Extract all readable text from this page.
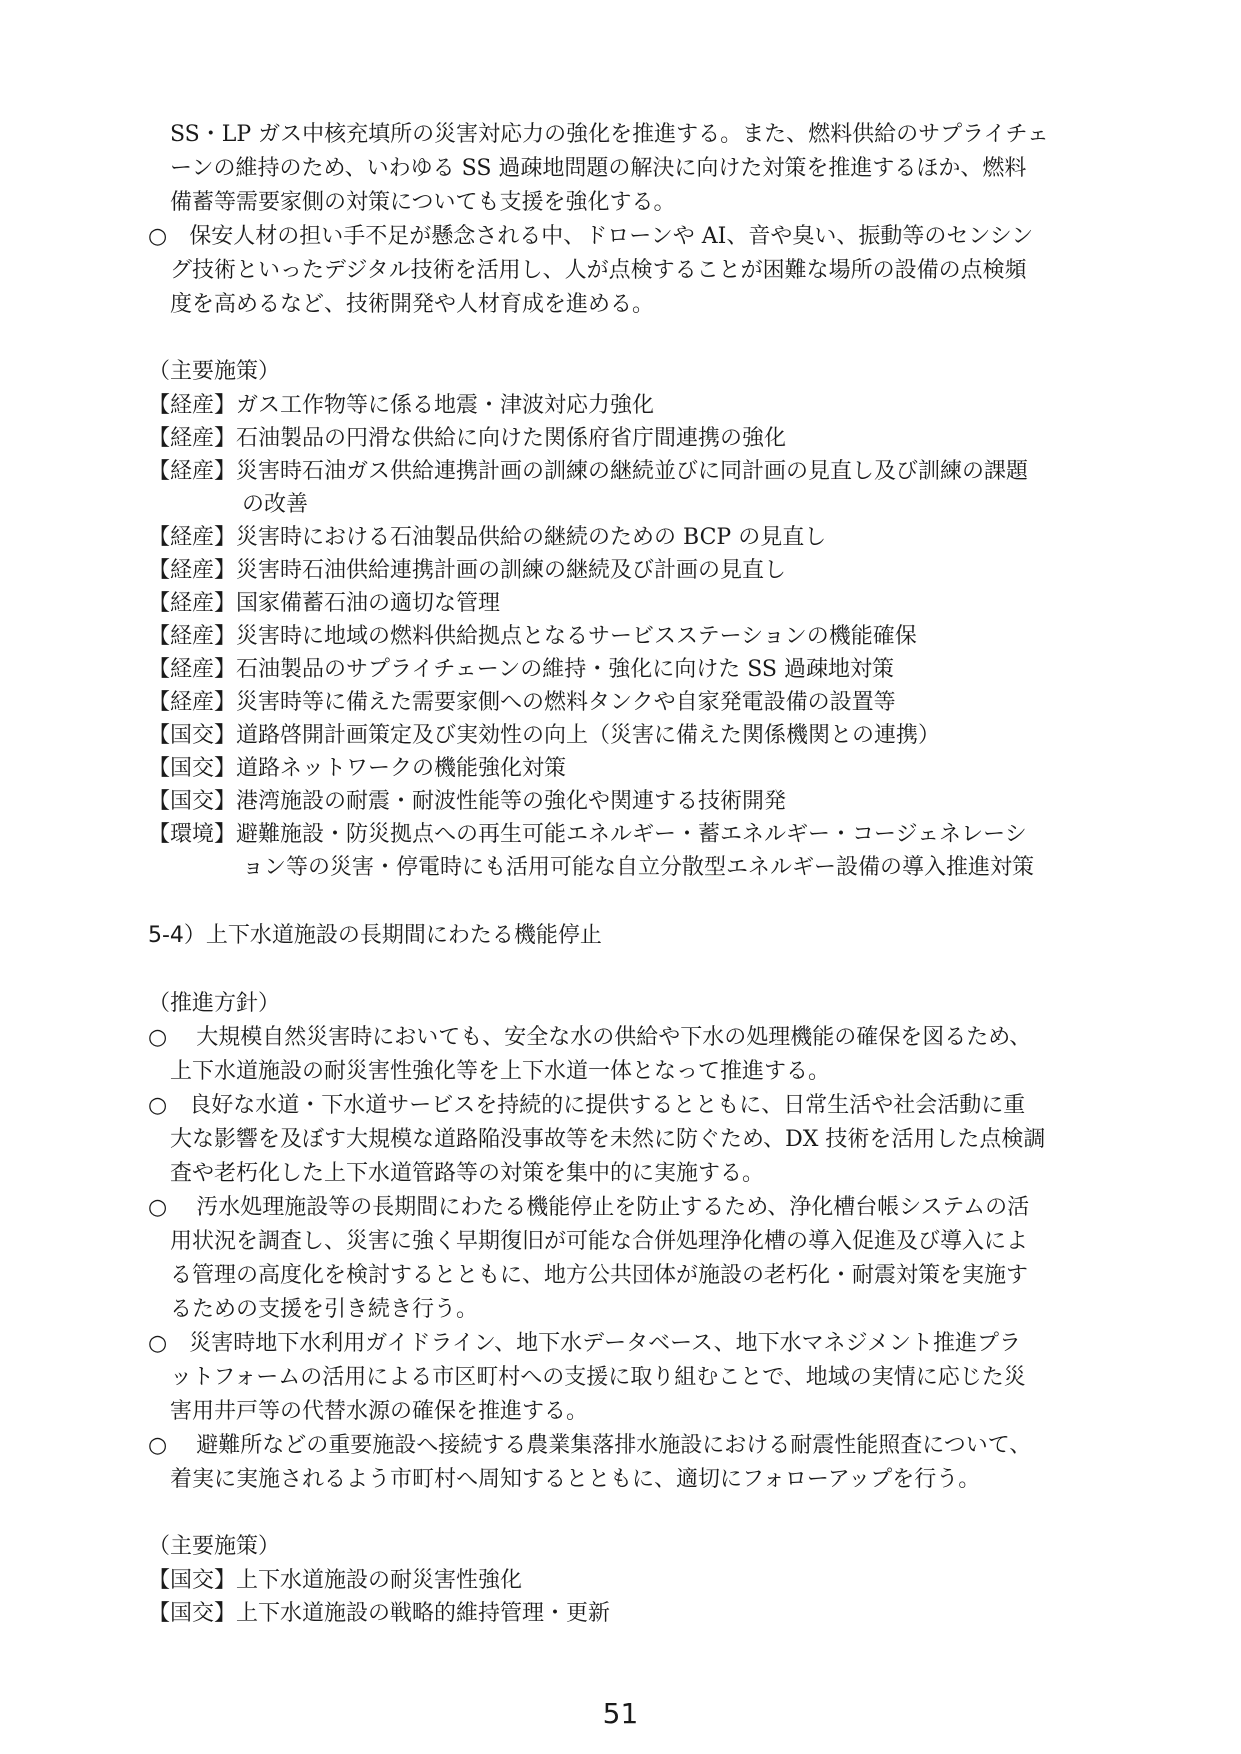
SS・LP ガス中核充填所の災害対応力の強化を推進する。また、燃料供給のサプライチェ
ーンの維持のため、いわゆる SS 過疎地問題の解決に向けた対策を推進するほか、燃料
備蓄等需要家側の対策についても支援を強化する。
○　保安人材の担い手不足が懸念される中、ドローンや AI、音や臭い、振動等のセンシン
グ技術といったデジタル技術を活用し、人が点検することが困難な場所の設備の点検頻
度を高めるなど、技術開発や人材育成を進める。
（主要施策）
【経産】ガス工作物等に係る地震・津波対応力強化
【経産】石油製品の円滑な供給に向けた関係府省庁間連携の強化
【経産】災害時石油ガス供給連携計画の訓練の継続並びに同計画の見直し及び訓練の課題
の改善
【経産】災害時における石油製品供給の継続のための BCP の見直し
【経産】災害時石油供給連携計画の訓練の継続及び計画の見直し
【経産】国家備蓄石油の適切な管理
【経産】災害時に地域の燃料供給拠点となるサービスステーションの機能確保
【経産】石油製品のサプライチェーンの維持・強化に向けた SS 過疎地対策
【経産】災害時等に備えた需要家側への燃料タンクや自家発電設備の設置等
【国交】道路啓開計画策定及び実効性の向上（災害に備えた関係機関との連携）
【国交】道路ネットワークの機能強化対策
【国交】港湾施設の耐震・耐波性能等の強化や関連する技術開発
【環境】避難施設・防災拠点への再生可能エネルギー・蓄エネルギー・コージェネレーシ
ョン等の災害・停電時にも活用可能な自立分散型エネルギー設備の導入推進対策
5-4）上下水道施設の長期間にわたる機能停止
（推進方針）
○　 大規模自然災害時においても、安全な水の供給や下水の処理機能の確保を図るため、
上下水道施設の耐災害性強化等を上下水道一体となって推進する。
○　良好な水道・下水道サービスを持続的に提供するとともに、日常生活や社会活動に重
大な影響を及ぼす大規模な道路陥没事故等を未然に防ぐため、DX 技術を活用した点検調
査や老朽化した上下水道管路等の対策を集中的に実施する。
○　 汚水処理施設等の長期間にわたる機能停止を防止するため、浄化槽台帳システムの活
用状況を調査し、災害に強く早期復旧が可能な合併処理浄化槽の導入促進及び導入によ
る管理の高度化を検討するとともに、地方公共団体が施設の老朽化・耐震対策を実施す
るための支援を引き続き行う。
○　災害時地下水利用ガイドライン、地下水データベース、地下水マネジメント推進プラ
ットフォームの活用による市区町村への支援に取り組むことで、地域の実情に応じた災
害用井戸等の代替水源の確保を推進する。
○　 避難所などの重要施設へ接続する農業集落排水施設における耐震性能照査について、
着実に実施されるよう市町村へ周知するとともに、適切にフォローアップを行う。
（主要施策）
【国交】上下水道施設の耐災害性強化
【国交】上下水道施設の戦略的維持管理・更新
51
